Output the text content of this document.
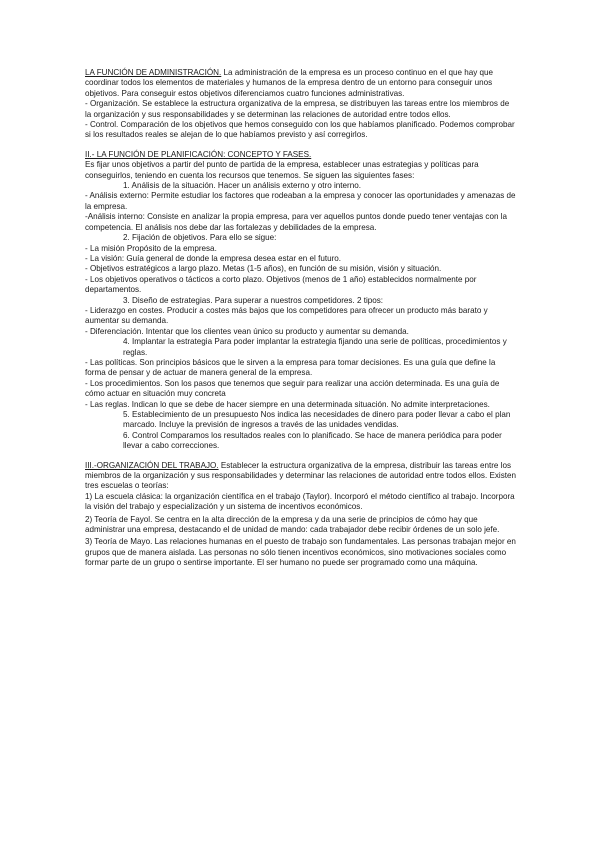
LA FUNCIÓN DE ADMINISTRACIÓN. La administración de la empresa es un proceso continuo en el que hay que coordinar todos los elementos de materiales y humanos de la empresa dentro de un entorno para conseguir unos objetivos. Para conseguir estos objetivos diferenciamos cuatro funciones administrativas.

- Organización. Se establece la estructura organizativa de la empresa, se distribuyen las tareas entre los miembros de la organización y sus responsabilidades y se determinan las relaciones de autoridad entre todos ellos.

- Control. Comparación de los objetivos que hemos conseguido con los que habíamos planificado. Podemos comprobar si los resultados reales se alejan de lo que habíamos previsto y así corregirlos.

II.- LA FUNCIÓN DE PLANIFICACIÓN: CONCEPTO Y FASES.

Es fijar unos objetivos a partir del punto de partida de la empresa, establecer unas estrategias y políticas para conseguirlos, teniendo en cuenta los recursos que tenemos. Se siguen las siguientes fases:

1. Análisis de la situación. Hacer un análisis externo y otro interno.

- Análisis externo: Permite estudiar los factores que rodeaban a la empresa y conocer las oportunidades y amenazas de la empresa.

-Análisis interno: Consiste en analizar la propia empresa, para ver aquellos puntos donde puedo tener ventajas con la competencia. El análisis nos debe dar las fortalezas y debilidades de la empresa.

2. Fijación de objetivos. Para ello se sigue:

- La misión Propósito de la empresa.

- La visión: Guía general de donde la empresa desea estar en el futuro.

- Objetivos estratégicos a largo plazo. Metas (1-5 años), en función de su misión, visión y situación.

- Los objetivos operativos o tácticos a corto plazo. Objetivos (menos de 1 año) establecidos normalmente por departamentos.

3. Diseño de estrategias. Para superar a nuestros competidores. 2 tipos:

- Liderazgo en costes. Producir a costes más bajos que los competidores para ofrecer un producto más barato y aumentar su demanda.

- Diferenciación. Intentar que los clientes vean único su producto y aumentar su demanda.

4. Implantar la estrategia Para poder implantar la estrategia fijando una serie de políticas, procedimientos y reglas.

- Las políticas. Son principios básicos que le sirven a la empresa para tomar decisiones. Es una guía que define la forma de pensar y de actuar de manera general de la empresa.

- Los procedimientos. Son los pasos que tenemos que seguir para realizar una acción determinada. Es una guía de cómo actuar en situación muy concreta

- Las reglas. Indican lo que se debe de hacer siempre en una determinada situación. No admite interpretaciones.

5. Establecimiento de un presupuesto Nos indica las necesidades de dinero para poder llevar a cabo el plan marcado. Incluye la previsión de ingresos a través de las unidades vendidas.

6. Control Comparamos los resultados reales con lo planificado. Se hace de manera periódica para poder llevar a cabo correcciones.

III.-ORGANIZACIÓN DEL TRABAJO. Establecer la estructura organizativa de la empresa, distribuir las tareas entre los miembros de la organización y sus responsabilidades y determinar las relaciones de autoridad entre todos ellos. Existen tres escuelas o teorías:

1) La escuela clásica: la organización científica en el trabajo (Taylor). Incorporó el método científico al trabajo. Incorpora la visión del trabajo y especialización y un sistema de incentivos económicos.

2) Teoría de Fayol. Se centra en la alta dirección de la empresa y da una serie de principios de cómo hay que administrar una empresa, destacando el de unidad de mando: cada trabajador debe recibir órdenes de un solo jefe.

3) Teoría de Mayo. Las relaciones humanas en el puesto de trabajo son fundamentales. Las personas trabajan mejor en grupos que de manera aislada. Las personas no sólo tienen incentivos económicos, sino motivaciones sociales como formar parte de un grupo o sentirse importante. El ser humano no puede ser programado como una máquina.
